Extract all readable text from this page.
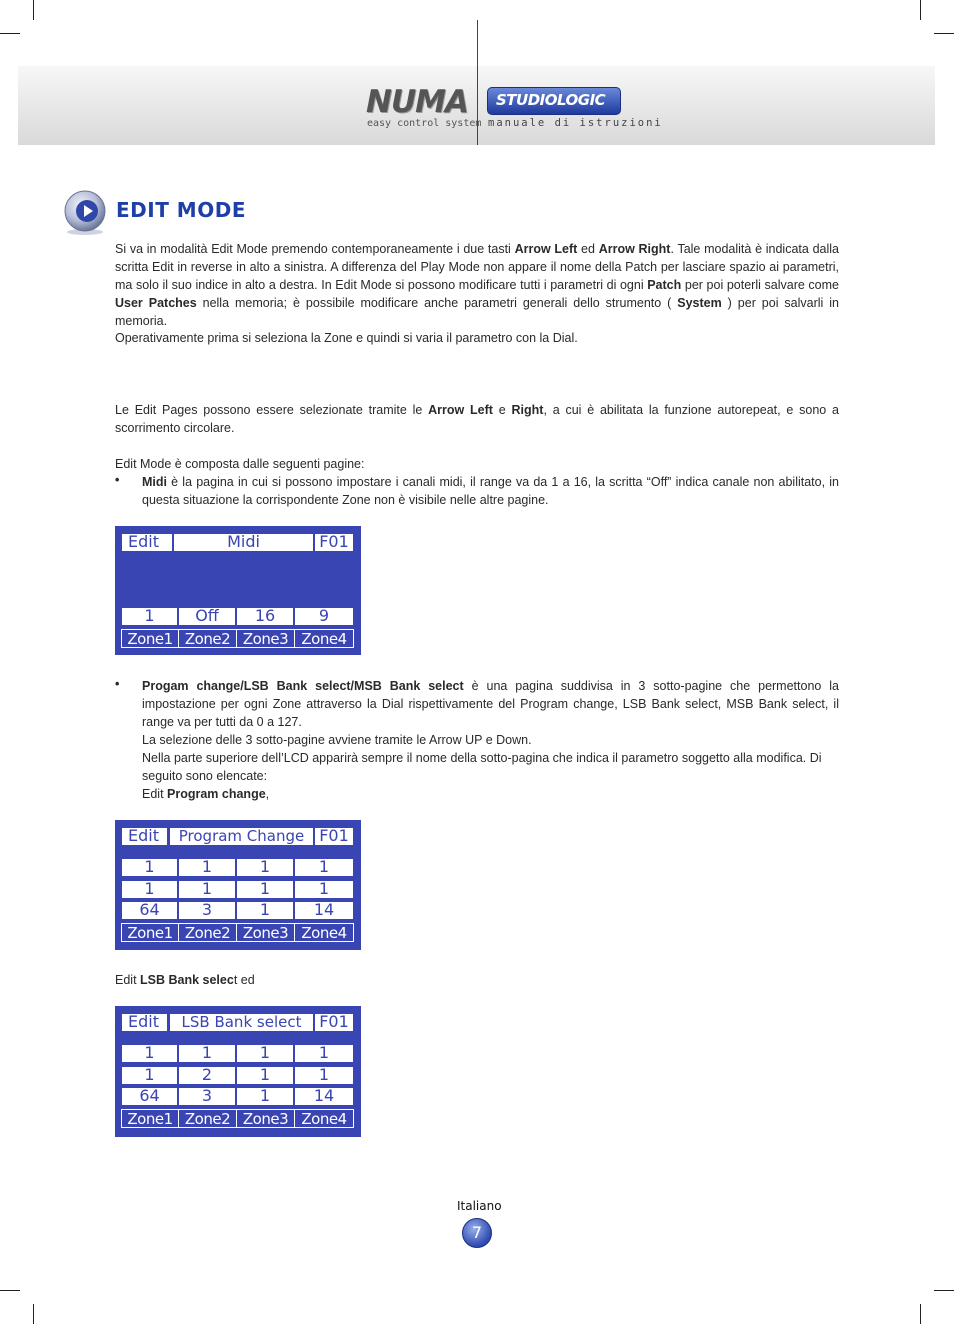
NUMA
easy control system
STUDIOLOGIC
manuale di istruzioni
EDIT MODE

Si va in modalità Edit Mode premendo contemporaneamente i due tasti Arrow Left ed Arrow Right. Tale modalità è indicata dalla scritta Edit in reverse in alto a sinistra. A differenza del Play Mode non appare il nome della Patch per lasciare spazio ai parametri, ma solo il suo indice in alto a destra. In Edit Mode si possono modificare tutti i parametri di ogni Patch per poi poterli salvare come User Patches nella memoria; è possibile modificare anche parametri generali dello strumento ( System ) per poi salvarli in memoria.

Operativamente prima si seleziona la Zone e quindi si varia il parametro con la Dial.

Le Edit Pages possono essere selezionate tramite le Arrow Left e Right, a cui è abilitata la funzione autorepeat, e sono a scorrimento circolare.

Edit Mode è composta dalle seguenti pagine:

• Midi è la pagina in cui si possono impostare i canali midi, il range va da 1 a 16, la scritta “Off” indica canale non abilitato, in questa situazione la corrispondente Zone non è visibile nelle altre pagine.

Edit	Midi	F01
1	Off	16	9
Zone1 Zone2 Zone3 Zone4
• Progam change/LSB Bank select/MSB Bank select è una pagina suddivisa in 3 sotto-pagine che permettono la impostazione per ogni Zone attraverso la Dial rispettivamente del Program change, LSB Bank select, MSB Bank select, il range va per tutti da 0 a 127.

La selezione delle 3 sotto-pagine avviene tramite le Arrow UP e Down.

Nella parte superiore dell’LCD apparirà sempre il nome della sotto-pagina che indica il parametro soggetto alla modifica. Di seguito sono elencate:

Edit Program change,

Edit	Program Change F01
1	1	1	1
1	1	1	1
64	3	1	14
Zone1 Zone2 Zone3 Zone4

Edit LSB Bank select ed

Edit	LSB Bank select	F01
1	1	1	1
1	2	1	1
64	3	1	14
Zone1 Zone2 Zone3 Zone4
Italiano
7
